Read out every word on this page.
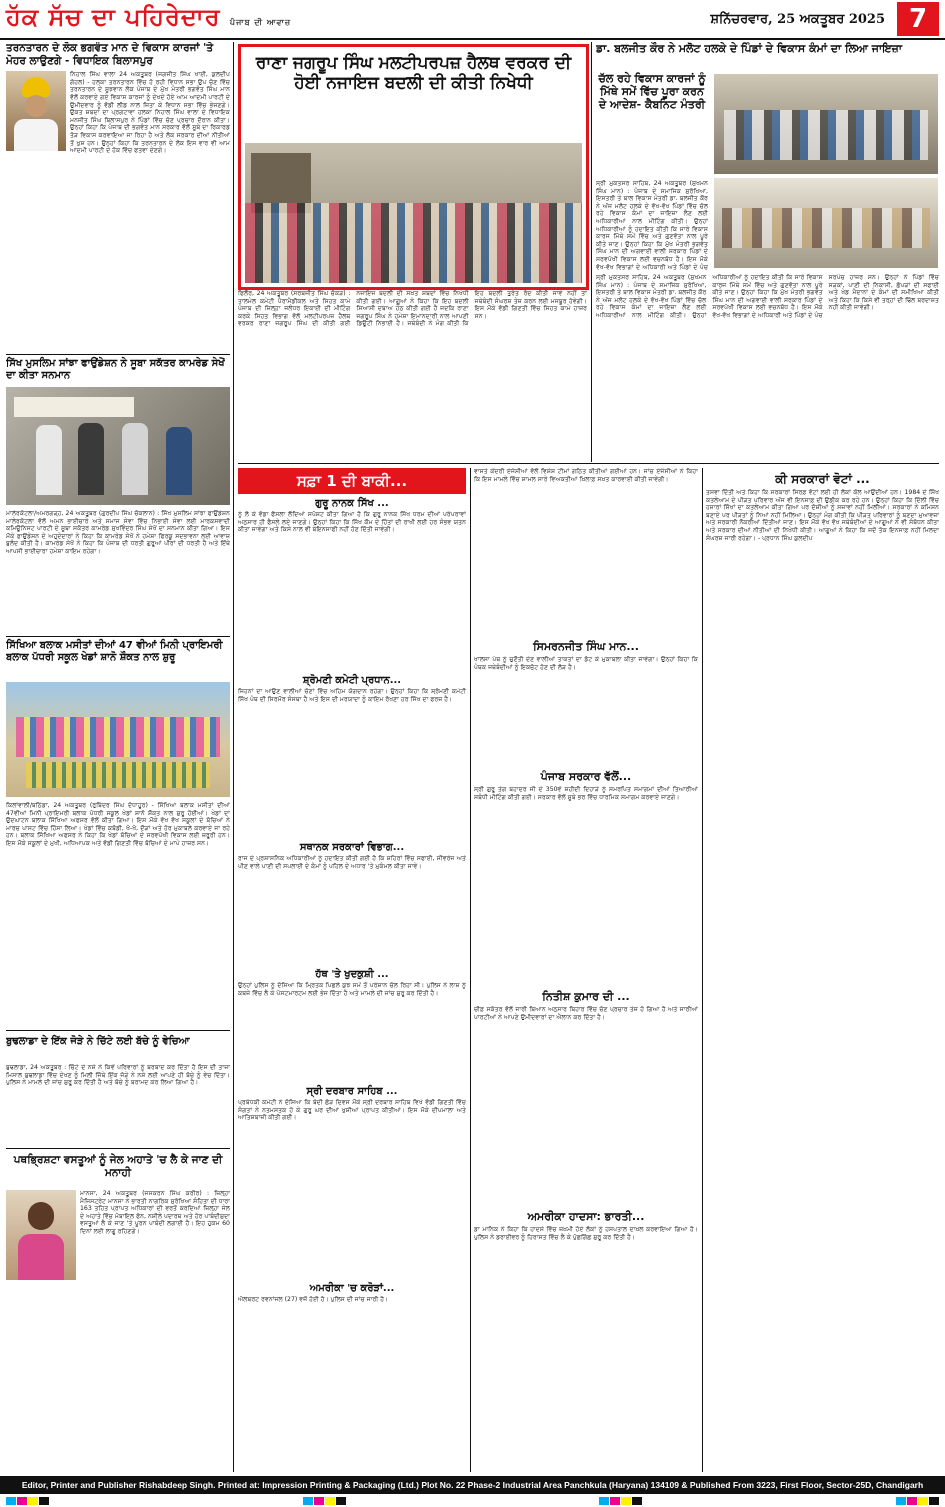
ਹੱਕ ਸੱਚ ਦਾ ਪਹਿਰੇਦਾਰ ਪੰਜਾਬ ਦੀ ਆਵਾਜ਼	ਸ਼ਨਿੱਚਰਵਾਰ, 25 ਅਕਤੂਬਰ 2025 7
ਤਰਨਤਾਰਨ ਦੇ ਲੋਕ ਭਗਵੰਤ ਮਾਨ ਦੇ ਵਿਕਾਸ ਕਾਰਜਾਂ 'ਤੇ ਮੋਹਰ ਲਾਉਣਗੇ - ਵਿਧਾਇਕ ਬਿਲਾਸਪੁਰ
ਨਿਹਾਲ ਸਿੰਘ ਵਾਲਾ 24 ਅਕਤੂਬਰ (ਜਗਜੀਤ ਸਿੰਘ ਖਾਈ, ਕੁਲਦੀਪ ਗੋਹਲ) - ਹਲਕਾ ਤਰਨਤਾਰਨ ਵਿੱਚ ਹੋ ਰਹੀ ਵਿਧਾਨ ਸਭਾ ਉਪ ਚੋਣ ਵਿੱਚ ਤਰਨਤਾਰਨ ਦੇ ਸੂਝਵਾਨ ਲੋਕ ਪੰਜਾਬ ਦੇ ਮੁੱਖ ਮੰਤਰੀ ਭਗਵੰਤ ਸਿੰਘ ਮਾਨ ਵੱਲੋਂ ਕਰਵਾਏ ਗਏ ਵਿਕਾਸ ਕਾਰਜਾਂ ਨੂੰ ਦੇਖਦੇ ਹੋਏ ਆਮ ਆਦਮੀ ਪਾਰਟੀ ਦੇ ਉਮੀਦਵਾਰ ਨੂੰ ਵੱਡੀ ਲੀਡ ਨਾਲ ਜਿਤਾ ਕੇ ਵਿਧਾਨ ਸਭਾ ਵਿੱਚ ਭੇਜਣਗੇ। ਉਕਤ ਸ਼ਬਦਾਂ ਦਾ ਪ੍ਰਗਟਾਵਾ ਹਲਕਾ ਨਿਹਾਲ ਸਿੰਘ ਵਾਲਾ ਦੇ ਵਿਧਾਇਕ ਮਨਜੀਤ ਸਿੰਘ ਬਿਲਾਸਪੁਰ ਨੇ ਪਿੰਡਾਂ ਵਿੱਚ ਚੋਣ ਪ੍ਰਚਾਰ ਦੌਰਾਨ ਕੀਤਾ। ਉਨ੍ਹਾਂ ਕਿਹਾ ਕਿ ਪੰਜਾਬ ਦੀ ਭਗਵੰਤ ਮਾਨ ਸਰਕਾਰ ਵੱਲੋਂ ਸੂਬੇ ਦਾ ਰਿਕਾਰਡ ਤੋੜ ਵਿਕਾਸ ਕਰਵਾਇਆ ਜਾ ਰਿਹਾ ਹੈ ਅਤੇ ਲੋਕ ਸਰਕਾਰ ਦੀਆਂ ਨੀਤੀਆਂ ਤੋਂ ਖੁਸ਼ ਹਨ। ਉਨ੍ਹਾਂ ਕਿਹਾ ਕਿ ਤਰਨਤਾਰਨ ਦੇ ਲੋਕ ਇਸ ਵਾਰ ਵੀ ਆਮ ਆਦਮੀ ਪਾਰਟੀ ਦੇ ਹੱਕ ਵਿੱਚ ਫਤਵਾ ਦੇਣਗੇ।
ਸਿੱਖ ਮੁਸਲਿਮ ਸਾਂਝਾ ਫਾਉਂਡੇਸ਼ਨ ਨੇ ਸੂਬਾ ਸਕੱਤਰ ਕਾਮਰੇਡ ਸੇਖੋਂ ਦਾ ਕੀਤਾ ਸਨਮਾਨ
ਮਾਲੇਰਕੋਟਲਾ/ਅਮਰਗੜ੍ਹ, 24 ਅਕਤੂਬਰ (ਗੁਰਦੀਪ ਸਿੰਘ ਚੱਕਲਾਨ) : ਸਿੱਖ ਮੁਸਲਿਮ ਸਾਂਝਾ ਫਾਉਂਡੇਸ਼ਨ ਮਾਲੇਰਕੋਟਲਾ ਵੱਲੋਂ ਅਮਨ ਭਾਈਚਾਰੇ ਅਤੇ ਸਮਾਜ ਸੇਵਾ ਵਿੱਚ ਨਿਭਾਈ ਸੇਵਾ ਲਈ ਮਾਰਕਸਵਾਦੀ ਕਮਿਊਨਿਸਟ ਪਾਰਟੀ ਦੇ ਸੂਬਾ ਸਕੱਤਰ ਕਾਮਰੇਡ ਸੁਖਵਿੰਦਰ ਸਿੰਘ ਸੇਖੋਂ ਦਾ ਸਨਮਾਨ ਕੀਤਾ ਗਿਆ। ਇਸ ਮੌਕੇ ਫਾਉਂਡੇਸ਼ਨ ਦੇ ਅਹੁਦੇਦਾਰਾਂ ਨੇ ਕਿਹਾ ਕਿ ਕਾਮਰੇਡ ਸੇਖੋਂ ਨੇ ਹਮੇਸ਼ਾ ਫਿਰਕੂ ਸਦਭਾਵਨਾ ਲਈ ਆਵਾਜ਼ ਬੁਲੰਦ ਕੀਤੀ ਹੈ। ਕਾਮਰੇਡ ਸੇਖੋਂ ਨੇ ਕਿਹਾ ਕਿ ਪੰਜਾਬ ਦੀ ਧਰਤੀ ਗੁਰੂਆਂ ਪੀਰਾਂ ਦੀ ਧਰਤੀ ਹੈ ਅਤੇ ਇੱਥੇ ਆਪਸੀ ਭਾਈਚਾਰਾ ਹਮੇਸ਼ਾ ਕਾਇਮ ਰਹੇਗਾ।
ਸਿੱਖਿਆ ਬਲਾਕ ਮਸੀਤਾਂ ਦੀਆਂ 47 ਵੀਆਂ ਮਿਨੀ ਪ੍ਰਾਇਮਰੀ ਬਲਾਕ ਪੱਧਰੀ ਸਕੂਲ ਖੇਡਾਂ ਸ਼ਾਨੋ ਸ਼ੌਕਤ ਨਾਲ ਸ਼ੁਰੂ
ਕਿਲਾਂਵਾਲੀ/ਬਠਿੰਡਾ, 24 ਅਕਤੂਬਰ (ਰੁਬਿੰਦਰ ਸਿੰਘ ਦੱਧਾਹੂਰ) - ਸਿੱਖਿਆ ਬਲਾਕ ਮਸੀਤਾਂ ਦੀਆਂ 47ਵੀਆਂ ਮਿਨੀ ਪ੍ਰਾਇਮਰੀ ਬਲਾਕ ਪੱਧਰੀ ਸਕੂਲ ਖੇਡਾਂ ਸ਼ਾਨੋ ਸ਼ੌਕਤ ਨਾਲ ਸ਼ੁਰੂ ਹੋਈਆਂ। ਖੇਡਾਂ ਦਾ ਉਦਘਾਟਨ ਬਲਾਕ ਸਿੱਖਿਆ ਅਫਸਰ ਵੱਲੋਂ ਕੀਤਾ ਗਿਆ। ਇਸ ਮੌਕੇ ਵੱਖ ਵੱਖ ਸਕੂਲਾਂ ਦੇ ਬੱਚਿਆਂ ਨੇ ਮਾਰਚ ਪਾਸਟ ਵਿੱਚ ਹਿੱਸਾ ਲਿਆ। ਖੇਡਾਂ ਵਿੱਚ ਕਬੱਡੀ, ਖੋ-ਖੋ, ਦੌੜਾਂ ਅਤੇ ਹੋਰ ਮੁਕਾਬਲੇ ਕਰਵਾਏ ਜਾ ਰਹੇ ਹਨ। ਬਲਾਕ ਸਿੱਖਿਆ ਅਫਸਰ ਨੇ ਕਿਹਾ ਕਿ ਖੇਡਾਂ ਬੱਚਿਆਂ ਦੇ ਸਰਵਪੱਖੀ ਵਿਕਾਸ ਲਈ ਜ਼ਰੂਰੀ ਹਨ। ਇਸ ਮੌਕੇ ਸਕੂਲਾਂ ਦੇ ਮੁਖੀ, ਅਧਿਆਪਕ ਅਤੇ ਵੱਡੀ ਗਿਣਤੀ ਵਿੱਚ ਬੱਚਿਆਂ ਦੇ ਮਾਪੇ ਹਾਜ਼ਰ ਸਨ।
ਬੁਢਲਾਡਾ ਦੇ ਇੱਕ ਜੋੜੇ ਨੇ ਚਿੱਟੇ ਲਈ ਬੱਚੇ ਨੂੰ ਵੇਚਿਆ
ਬੁਢਲਾਡਾ, 24 ਅਕਤੂਬਰ : ਚਿੱਟੇ ਦੇ ਨਸ਼ੇ ਨੇ ਕਿਵੇਂ ਪਰਿਵਾਰਾਂ ਨੂੰ ਬਰਬਾਦ ਕਰ ਦਿੱਤਾ ਹੈ ਇਸ ਦੀ ਤਾਜ਼ਾ ਮਿਸਾਲ ਬੁਢਲਾਡਾ ਵਿੱਚ ਦੇਖਣ ਨੂੰ ਮਿਲੀ ਜਿੱਥੇ ਇੱਕ ਜੋੜੇ ਨੇ ਨਸ਼ੇ ਲਈ ਆਪਣੇ ਹੀ ਬੱਚੇ ਨੂੰ ਵੇਚ ਦਿੱਤਾ। ਪੁਲਿਸ ਨੇ ਮਾਮਲੇ ਦੀ ਜਾਂਚ ਸ਼ੁਰੂ ਕਰ ਦਿੱਤੀ ਹੈ ਅਤੇ ਬੱਚੇ ਨੂੰ ਬਰਾਮਦ ਕਰ ਲਿਆ ਗਿਆ ਹੈ।
ਪਥਭ੍ਰਿਸ਼ਟਾ ਵਸਤੂਆਂ ਨੂੰ ਜੇਲ ਅਹਾਤੇ 'ਚ ਲੈ ਕੇ ਜਾਣ ਦੀ ਮਨਾਹੀ
ਮਾਨਸਾ, 24 ਅਕਤੂਬਰ (ਜਸਕਰਨ ਸਿੰਘ ਕਰੀਰ) : ਜ਼ਿਲ੍ਹਾ ਮੈਜਿਸਟ੍ਰੇਟ ਮਾਨਸਾ ਨੇ ਭਾਰਤੀ ਨਾਗਰਿਕ ਸੁਰੱਖਿਆ ਸੰਹਿਤਾ ਦੀ ਧਾਰਾ 163 ਤਹਿਤ ਪ੍ਰਾਪਤ ਅਧਿਕਾਰਾਂ ਦੀ ਵਰਤੋਂ ਕਰਦਿਆਂ ਜ਼ਿਲ੍ਹਾ ਜੇਲ ਦੇ ਅਹਾਤੇ ਵਿੱਚ ਮੋਬਾਇਲ ਫੋਨ, ਨਸ਼ੀਲੇ ਪਦਾਰਥ ਅਤੇ ਹੋਰ ਪਾਬੰਦੀਸ਼ੁਦਾ ਵਸਤੂਆਂ ਲੈ ਕੇ ਜਾਣ 'ਤੇ ਪੂਰਨ ਪਾਬੰਦੀ ਲਗਾਈ ਹੈ। ਇਹ ਹੁਕਮ 60 ਦਿਨਾਂ ਲਈ ਲਾਗੂ ਰਹਿਣਗੇ।
ਰਾਣਾ ਜਗਰੂਪ ਸਿੰਘ ਮਲਟੀਪਰਪਜ਼ ਹੈਲਥ ਵਰਕਰ ਦੀ ਹੋਈ ਨਜਾਇਜ ਬਦਲੀ ਦੀ ਕੀਤੀ ਨਿਖੇਧੀ
ਫਿਲੌਰ, 24 ਅਕਤੂਬਰ (ਸਰਬਜੀਤ ਸਿੰਘ ਚੱਕੜ) : ਤਾਲਮੇਲ ਕਮੇਟੀ ਪੈਰਾਮੈਡੀਕਲ ਅਤੇ ਸਿਹਤ ਕਾਮੇ ਪੰਜਾਬ ਦੀ ਜ਼ਿਲ੍ਹਾ ਜਲੰਧਰ ਇਕਾਈ ਦੀ ਮੀਟਿੰਗ ਕਰਕੇ ਸਿਹਤ ਵਿਭਾਗ ਵੱਲੋਂ ਮਲਟੀਪਰਪਜ਼ ਹੈਲਥ ਵਰਕਰ ਰਾਣਾ ਜਗਰੂਪ ਸਿੰਘ ਦੀ ਕੀਤੀ ਗਈ ਨਜਾਇਜ ਬਦਲੀ ਦੀ ਸਖ਼ਤ ਸ਼ਬਦਾਂ ਵਿੱਚ ਨਿਖੇਧੀ ਕੀਤੀ ਗਈ। ਆਗੂਆਂ ਨੇ ਕਿਹਾ ਕਿ ਇਹ ਬਦਲੀ ਸਿਆਸੀ ਦਬਾਅ ਹੇਠ ਕੀਤੀ ਗਈ ਹੈ ਜਦਕਿ ਰਾਣਾ ਜਗਰੂਪ ਸਿੰਘ ਨੇ ਹਮੇਸ਼ਾ ਇਮਾਨਦਾਰੀ ਨਾਲ ਆਪਣੀ ਡਿਊਟੀ ਨਿਭਾਈ ਹੈ। ਜਥੇਬੰਦੀ ਨੇ ਮੰਗ ਕੀਤੀ ਕਿ ਇਹ ਬਦਲੀ ਤੁਰੰਤ ਰੱਦ ਕੀਤੀ ਜਾਵੇ ਨਹੀਂ ਤਾਂ ਜਥੇਬੰਦੀ ਸੰਘਰਸ਼ ਤੇਜ਼ ਕਰਨ ਲਈ ਮਜਬੂਰ ਹੋਵੇਗੀ। ਇਸ ਮੌਕੇ ਵੱਡੀ ਗਿਣਤੀ ਵਿੱਚ ਸਿਹਤ ਕਾਮੇ ਹਾਜ਼ਰ ਸਨ।
ਡਾ. ਬਲਜੀਤ ਕੌਰ ਨੇ ਮਲੋਟ ਹਲਕੇ ਦੇ ਪਿੰਡਾਂ ਦੇ ਵਿਕਾਸ ਕੰਮਾਂ ਦਾ ਲਿਆ ਜਾਇਜ਼ਾ
ਚੱਲ ਰਹੇ ਵਿਕਾਸ ਕਾਰਜਾਂ ਨੂੰ ਮਿੱਥੇ ਸਮੇਂ ਵਿੱਚ ਪੂਰਾ ਕਰਨ ਦੇ ਆਦੇਸ਼- ਕੈਬਨਿਟ ਮੰਤਰੀ
ਸ੍ਰੀ ਮੁਕਤਸਰ ਸਾਹਿਬ, 24 ਅਕਤੂਬਰ (ਸੁਖਮਨ ਸਿੰਘ ਮਾਨ) : ਪੰਜਾਬ ਦੇ ਸਮਾਜਿਕ ਸੁਰੱਖਿਆ, ਇਸਤਰੀ ਤੇ ਬਾਲ ਵਿਕਾਸ ਮੰਤਰੀ ਡਾ. ਬਲਜੀਤ ਕੌਰ ਨੇ ਅੱਜ ਮਲੋਟ ਹਲਕੇ ਦੇ ਵੱਖ-ਵੱਖ ਪਿੰਡਾਂ ਵਿੱਚ ਚੱਲ ਰਹੇ ਵਿਕਾਸ ਕੰਮਾਂ ਦਾ ਜਾਇਜ਼ਾ ਲੈਣ ਲਈ ਅਧਿਕਾਰੀਆਂ ਨਾਲ ਮੀਟਿੰਗ ਕੀਤੀ। ਉਨ੍ਹਾਂ ਅਧਿਕਾਰੀਆਂ ਨੂੰ ਹਦਾਇਤ ਕੀਤੀ ਕਿ ਸਾਰੇ ਵਿਕਾਸ ਕਾਰਜ ਮਿੱਥੇ ਸਮੇਂ ਵਿੱਚ ਅਤੇ ਗੁਣਵੱਤਾ ਨਾਲ ਪੂਰੇ ਕੀਤੇ ਜਾਣ। ਉਨ੍ਹਾਂ ਕਿਹਾ ਕਿ ਮੁੱਖ ਮੰਤਰੀ ਭਗਵੰਤ ਸਿੰਘ ਮਾਨ ਦੀ ਅਗਵਾਈ ਵਾਲੀ ਸਰਕਾਰ ਪਿੰਡਾਂ ਦੇ ਸਰਵਪੱਖੀ ਵਿਕਾਸ ਲਈ ਵਚਨਬੱਧ ਹੈ। ਇਸ ਮੌਕੇ ਵੱਖ-ਵੱਖ ਵਿਭਾਗਾਂ ਦੇ ਅਧਿਕਾਰੀ ਅਤੇ ਪਿੰਡਾਂ ਦੇ ਪੰਚ
ਸ੍ਰੀ ਮੁਕਤਸਰ ਸਾਹਿਬ, 24 ਅਕਤੂਬਰ (ਸੁਖਮਨ ਸਿੰਘ ਮਾਨ) : ਪੰਜਾਬ ਦੇ ਸਮਾਜਿਕ ਸੁਰੱਖਿਆ, ਇਸਤਰੀ ਤੇ ਬਾਲ ਵਿਕਾਸ ਮੰਤਰੀ ਡਾ. ਬਲਜੀਤ ਕੌਰ ਨੇ ਅੱਜ ਮਲੋਟ ਹਲਕੇ ਦੇ ਵੱਖ-ਵੱਖ ਪਿੰਡਾਂ ਵਿੱਚ ਚੱਲ ਰਹੇ ਵਿਕਾਸ ਕੰਮਾਂ ਦਾ ਜਾਇਜ਼ਾ ਲੈਣ ਲਈ ਅਧਿਕਾਰੀਆਂ ਨਾਲ ਮੀਟਿੰਗ ਕੀਤੀ। ਉਨ੍ਹਾਂ ਅਧਿਕਾਰੀਆਂ ਨੂੰ ਹਦਾਇਤ ਕੀਤੀ ਕਿ ਸਾਰੇ ਵਿਕਾਸ ਕਾਰਜ ਮਿੱਥੇ ਸਮੇਂ ਵਿੱਚ ਅਤੇ ਗੁਣਵੱਤਾ ਨਾਲ ਪੂਰੇ ਕੀਤੇ ਜਾਣ। ਉਨ੍ਹਾਂ ਕਿਹਾ ਕਿ ਮੁੱਖ ਮੰਤਰੀ ਭਗਵੰਤ ਸਿੰਘ ਮਾਨ ਦੀ ਅਗਵਾਈ ਵਾਲੀ ਸਰਕਾਰ ਪਿੰਡਾਂ ਦੇ ਸਰਵਪੱਖੀ ਵਿਕਾਸ ਲਈ ਵਚਨਬੱਧ ਹੈ। ਇਸ ਮੌਕੇ ਵੱਖ-ਵੱਖ ਵਿਭਾਗਾਂ ਦੇ ਅਧਿਕਾਰੀ ਅਤੇ ਪਿੰਡਾਂ ਦੇ ਪੰਚ ਸਰਪੰਚ ਹਾਜ਼ਰ ਸਨ। ਉਨ੍ਹਾਂ ਨੇ ਪਿੰਡਾਂ ਵਿੱਚ ਸੜਕਾਂ, ਪਾਣੀ ਦੀ ਨਿਕਾਸੀ, ਛੱਪੜਾਂ ਦੀ ਸਫਾਈ ਅਤੇ ਖੇਡ ਮੈਦਾਨਾਂ ਦੇ ਕੰਮਾਂ ਦੀ ਸਮੀਖਿਆ ਕੀਤੀ ਅਤੇ ਕਿਹਾ ਕਿ ਕਿਸੇ ਵੀ ਤਰ੍ਹਾਂ ਦੀ ਢਿੱਲ ਬਰਦਾਸ਼ਤ ਨਹੀਂ ਕੀਤੀ ਜਾਵੇਗੀ।
ਸਫ਼ਾ 1 ਦੀ ਬਾਕੀ...
ਗੁਰੂ ਨਾਨਕ ਸਿੱਖ ...
ਨੂੰ ਲੈ ਕੇ ਵੱਡਾ ਫੈਸਲਾ ਲੈਂਦਿਆਂ ਸਪੱਸ਼ਟ ਕੀਤਾ ਗਿਆ ਹੈ ਕਿ ਗੁਰੂ ਨਾਨਕ ਸਿੱਖ ਧਰਮ ਦੀਆਂ ਪਰੰਪਰਾਵਾਂ ਅਨੁਸਾਰ ਹੀ ਫੈਸਲੇ ਲਏ ਜਾਣਗੇ। ਉਨ੍ਹਾਂ ਕਿਹਾ ਕਿ ਸਿੱਖ ਕੌਮ ਦੇ ਹਿੱਤਾਂ ਦੀ ਰਾਖੀ ਲਈ ਹਰ ਸੰਭਵ ਯਤਨ ਕੀਤਾ ਜਾਵੇਗਾ ਅਤੇ ਕਿਸੇ ਨਾਲ ਵੀ ਬੇਇਨਸਾਫੀ ਨਹੀਂ ਹੋਣ ਦਿੱਤੀ ਜਾਵੇਗੀ।
ਸ਼੍ਰੋਮਣੀ ਕਮੇਟੀ ਪ੍ਰਧਾਨ...
ਜਿਹਨਾਂ ਦਾ ਆਉਣ ਵਾਲੀਆਂ ਚੋਣਾਂ ਵਿੱਚ ਅਹਿਮ ਯੋਗਦਾਨ ਰਹੇਗਾ। ਉਨ੍ਹਾਂ ਕਿਹਾ ਕਿ ਸ਼੍ਰੋਮਣੀ ਕਮੇਟੀ ਸਿੱਖ ਪੰਥ ਦੀ ਸਿਰਮੌਰ ਸੰਸਥਾ ਹੈ ਅਤੇ ਇਸ ਦੀ ਮਰਯਾਦਾ ਨੂੰ ਕਾਇਮ ਰੱਖਣਾ ਹਰ ਸਿੱਖ ਦਾ ਫਰਜ਼ ਹੈ।
ਸਥਾਨਕ ਸਰਕਾਰਾਂ ਵਿਭਾਗ...
ਰਾਜ ਦੇ ਪ੍ਰਸ਼ਾਸਨਿਕ ਅਧਿਕਾਰੀਆਂ ਨੂੰ ਹਦਾਇਤ ਕੀਤੀ ਗਈ ਹੈ ਕਿ ਸ਼ਹਿਰਾਂ ਵਿੱਚ ਸਫਾਈ, ਸੀਵਰੇਜ ਅਤੇ ਪੀਣ ਵਾਲੇ ਪਾਣੀ ਦੀ ਸਪਲਾਈ ਦੇ ਕੰਮਾਂ ਨੂੰ ਪਹਿਲ ਦੇ ਅਧਾਰ 'ਤੇ ਮੁਕੰਮਲ ਕੀਤਾ ਜਾਵੇ।
ਹੱਥ 'ਤੇ ਖੁਦਕੁਸ਼ੀ ...
ਉਨ੍ਹਾਂ ਪੁਲਿਸ ਨੂੰ ਦੱਸਿਆ ਕਿ ਮ੍ਰਿਤਕ ਪਿਛਲੇ ਕੁਝ ਸਮੇਂ ਤੋਂ ਪਰੇਸ਼ਾਨ ਚੱਲ ਰਿਹਾ ਸੀ। ਪੁਲਿਸ ਨੇ ਲਾਸ਼ ਨੂੰ ਕਬਜ਼ੇ ਵਿੱਚ ਲੈ ਕੇ ਪੋਸਟਮਾਰਟਮ ਲਈ ਭੇਜ ਦਿੱਤਾ ਹੈ ਅਤੇ ਮਾਮਲੇ ਦੀ ਜਾਂਚ ਸ਼ੁਰੂ ਕਰ ਦਿੱਤੀ ਹੈ।
ਸ੍ਰੀ ਦਰਬਾਰ ਸਾਹਿਬ ...
ਪ੍ਰਬੰਧਕੀ ਕਮੇਟੀ ਨੇ ਦੱਸਿਆ ਕਿ ਬੰਦੀ ਛੋੜ ਦਿਵਸ ਮੌਕੇ ਸ੍ਰੀ ਦਰਬਾਰ ਸਾਹਿਬ ਵਿਖੇ ਵੱਡੀ ਗਿਣਤੀ ਵਿੱਚ ਸੰਗਤਾਂ ਨੇ ਨਤਮਸਤਕ ਹੋ ਕੇ ਗੁਰੂ ਘਰ ਦੀਆਂ ਖੁਸ਼ੀਆਂ ਪ੍ਰਾਪਤ ਕੀਤੀਆਂ। ਇਸ ਮੌਕੇ ਦੀਪਮਾਲਾ ਅਤੇ ਆਤਿਸ਼ਬਾਜ਼ੀ ਕੀਤੀ ਗਈ।
ਅਮਰੀਕਾ 'ਚ ਕਰੋੜਾਂ...
ਐਲਬਰਟ ਰਵਨਾਂਜਲ (27) ਵਜੋਂ ਹੋਈ ਹੈ। ਪੁਲਿਸ ਦੀ ਜਾਂਚ ਜਾਰੀ ਹੈ।
ਵਾਸਤੇ ਕੇਂਦਰੀ ਏਜੰਸੀਆਂ ਵੱਲੋਂ ਵਿਸ਼ੇਸ਼ ਟੀਮਾਂ ਗਠਿਤ ਕੀਤੀਆਂ ਗਈਆਂ ਹਨ। ਜਾਂਚ ਏਜੰਸੀਆਂ ਨੇ ਕਿਹਾ ਕਿ ਇਸ ਮਾਮਲੇ ਵਿੱਚ ਸ਼ਾਮਲ ਸਾਰੇ ਵਿਅਕਤੀਆਂ ਖ਼ਿਲਾਫ਼ ਸਖ਼ਤ ਕਾਰਵਾਈ ਕੀਤੀ ਜਾਵੇਗੀ।
ਸਿਮਰਨਜੀਤ ਸਿੰਘ ਮਾਨ...
ਖਾਲਸਾ ਪੰਥ ਨੂੰ ਚੁਣੌਤੀ ਦੇਣ ਵਾਲੀਆਂ ਤਾਕਤਾਂ ਦਾ ਡੱਟ ਕੇ ਮੁਕਾਬਲਾ ਕੀਤਾ ਜਾਵੇਗਾ। ਉਨ੍ਹਾਂ ਕਿਹਾ ਕਿ ਪੰਥਕ ਜਥੇਬੰਦੀਆਂ ਨੂੰ ਇਕਜੁੱਟ ਹੋਣ ਦੀ ਲੋੜ ਹੈ।
ਪੰਜਾਬ ਸਰਕਾਰ ਵੱਲੋਂ...
ਸ੍ਰੀ ਗੁਰੂ ਤੇਗ ਬਹਾਦਰ ਜੀ ਦੇ 350ਵੇਂ ਸ਼ਹੀਦੀ ਦਿਹਾੜੇ ਨੂੰ ਸਮਰਪਿਤ ਸਮਾਗਮਾਂ ਦੀਆਂ ਤਿਆਰੀਆਂ ਸਬੰਧੀ ਮੀਟਿੰਗ ਕੀਤੀ ਗਈ। ਸਰਕਾਰ ਵੱਲੋਂ ਸੂਬੇ ਭਰ ਵਿੱਚ ਧਾਰਮਿਕ ਸਮਾਗਮ ਕਰਵਾਏ ਜਾਣਗੇ।
ਨਿਤੀਸ਼ ਕੁਮਾਰ ਦੀ ...
ਚੀਫ਼ ਸਕੱਤਰ ਵੱਲੋਂ ਜਾਰੀ ਬਿਆਨ ਅਨੁਸਾਰ ਬਿਹਾਰ ਵਿੱਚ ਚੋਣ ਪ੍ਰਚਾਰ ਤੇਜ਼ ਹੋ ਗਿਆ ਹੈ ਅਤੇ ਸਾਰੀਆਂ ਪਾਰਟੀਆਂ ਨੇ ਆਪਣੇ ਉਮੀਦਵਾਰਾਂ ਦਾ ਐਲਾਨ ਕਰ ਦਿੱਤਾ ਹੈ।
ਅਮਰੀਕਾ ਹਾਦਸਾ: ਭਾਰਤੀ...
ਡਾ ਮਾਨਿਕ ਨੇ ਕਿਹਾ ਕਿ ਹਾਦਸੇ ਵਿੱਚ ਜ਼ਖ਼ਮੀ ਹੋਏ ਲੋਕਾਂ ਨੂੰ ਹਸਪਤਾਲ ਦਾਖ਼ਲ ਕਰਵਾਇਆ ਗਿਆ ਹੈ। ਪੁਲਿਸ ਨੇ ਡਰਾਈਵਰ ਨੂੰ ਹਿਰਾਸਤ ਵਿੱਚ ਲੈ ਕੇ ਪੁੱਛਗਿੱਛ ਸ਼ੁਰੂ ਕਰ ਦਿੱਤੀ ਹੈ।
ਕੀ ਸਰਕਾਰਾਂ ਵੋਟਾਂ ...
ਤਸਵਾ ਦਿੱਤੀ ਅਤੇ ਕਿਹਾ ਕਿ ਸਰਕਾਰਾਂ ਸਿਰਫ਼ ਵੋਟਾਂ ਲਈ ਹੀ ਲੋਕਾਂ ਕੋਲ ਆਉਂਦੀਆਂ ਹਨ। 1984 ਦੇ ਸਿੱਖ ਕਤਲੇਆਮ ਦੇ ਪੀੜਤ ਪਰਿਵਾਰ ਅੱਜ ਵੀ ਇਨਸਾਫ਼ ਦੀ ਉਡੀਕ ਕਰ ਰਹੇ ਹਨ। ਉਨ੍ਹਾਂ ਕਿਹਾ ਕਿ ਦਿੱਲੀ ਵਿੱਚ ਹਜ਼ਾਰਾਂ ਸਿੱਖਾਂ ਦਾ ਕਤਲੇਆਮ ਕੀਤਾ ਗਿਆ ਪਰ ਦੋਸ਼ੀਆਂ ਨੂੰ ਸਜ਼ਾਵਾਂ ਨਹੀਂ ਮਿਲੀਆਂ। ਸਰਕਾਰਾਂ ਨੇ ਕਮਿਸ਼ਨ ਬਣਾਏ ਪਰ ਪੀੜਤਾਂ ਨੂੰ ਨਿਆਂ ਨਹੀਂ ਮਿਲਿਆ। ਉਨ੍ਹਾਂ ਮੰਗ ਕੀਤੀ ਕਿ ਪੀੜਤ ਪਰਿਵਾਰਾਂ ਨੂੰ ਬਣਦਾ ਮੁਆਵਜ਼ਾ ਅਤੇ ਸਰਕਾਰੀ ਨੌਕਰੀਆਂ ਦਿੱਤੀਆਂ ਜਾਣ। ਇਸ ਮੌਕੇ ਵੱਖ ਵੱਖ ਜਥੇਬੰਦੀਆਂ ਦੇ ਆਗੂਆਂ ਨੇ ਵੀ ਸੰਬੋਧਨ ਕੀਤਾ ਅਤੇ ਸਰਕਾਰ ਦੀਆਂ ਨੀਤੀਆਂ ਦੀ ਨਿਖੇਧੀ ਕੀਤੀ। ਆਗੂਆਂ ਨੇ ਕਿਹਾ ਕਿ ਜਦੋਂ ਤੱਕ ਇਨਸਾਫ਼ ਨਹੀਂ ਮਿਲਦਾ ਸੰਘਰਸ਼ ਜਾਰੀ ਰਹੇਗਾ। - ਪ੍ਰਧਾਨ ਸਿੰਘ ਕੁਲਦੀਪ
Editor, Printer and Publisher Rishabdeep Singh. Printed at: Impression Printing & Packaging (Ltd.) Plot No. 22 Phase-2 Industrial Area Panchkula (Haryana) 134109 & Published From 3223, First Floor, Sector-25D, Chandigarh
